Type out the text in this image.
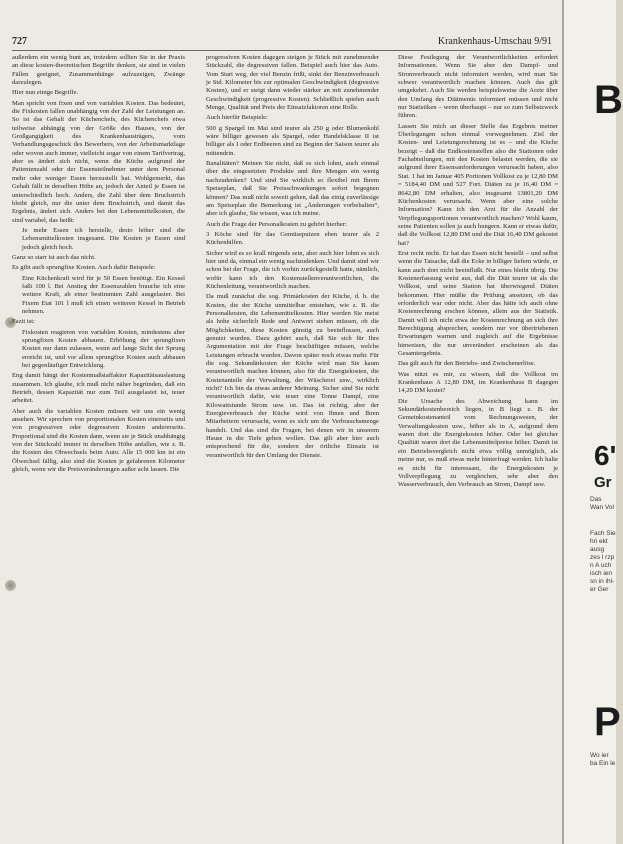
727	Krankenhaus-Umschau 9/91

außerdem ein wenig bunt an, trotzdem sollten Sie in der Praxis an diese kosten-theoretischen Begriffe denken, sie sind in vielen Fällen geeignet, Zusammenhänge aufzuzeigen, Zwänge darzulegen.

Hier nun einige Begriffe.

Man spricht von fixen und von variablen Kosten. Das bedeutet, die Fixkosten fallen unabhängig von der Zahl der Leistungen an. So ist das Gehalt der Küchenchefs, des Küchenchefs etwa teilweise abhängig von der Größe des Hauses, von der Großgangigkeit des Krankenhausträgers, vom Verhandlungsgeschick des Bewerbers, von der Arbeitsmarktlage oder wovon auch immer, vielleicht sogar von einem Tarifvertrag, aber es ändert sich nicht, wenn die Küche aufgrund der Patientenzahl oder der Essensteilnehmer unter dem Personal mehr oder weniger Essen herzustellt hat. Wohlgemerkt, das Gehalt fällt in derselben Höhe an, jedoch der Anteil je Essen ist unterschiedlich hoch. Anders, die Zahl über dem Bruchstrich bleibt gleich, nur die unter dem Bruchstrich, und damit das Ergebnis, ändert sich. Anders bei den Lebensmittelkosten, die sind variabel, das heißt:

Je mehr Essen ich herstelle, desto höher sind die Lebensmittelkosten insgesamt. Die Kosten je Essen sind jedoch gleich hoch.

Ganz so starr ist auch das nicht.

Es gibt auch sprungfixe Kosten. Auch dafür Beispiele:

Eine Küchenkraft wird für je 50 Essen benötigt. Ein Kessel faßt 100 l. Bei Anstieg der Essenszahlen brauche ich eine weitere Kraft, ab einer bestimmten Zahl ausgelaster. Bei Fixem Etat 101 l muß ich einen weiteren Kessel in Betrieb nehmen.

Fazit ist:

Fixkosten reagieren von variablen Kosten, mindestens aber sprungfixen Kosten abbauen. Erhöhung der sprungfixen Kosten nur dann zulassen, wenn auf lange Sicht der Sprung erreicht ist, und vor allem sprungfixe Kosten auch abbauen bei gegenläufiger Entwicklung.

Eng damit hängt der Kostenmaßstaffaktor Kapazitätsauslastung zusammen. Ich glaube, ich muß nicht näher begründen, daß ein Betrieb, dessen Kapazität nur zum Teil ausgelastet ist, teuer arbeitet.

Aber auch die variablen Kosten müssen wir uns ein wenig ansehen. Wir sprechen von proportionalen Kosten einerseits und von progressiven oder degressiven Kosten andererseits. Proportional sind die Kosten dann, wenn sie je Stück unabhängig von der Stückzahl immer in derselben Höhe anfallen, wie z. B. die Kosten des Obwechsels beim Auto. Alle 15 000 km ist ein Ölwechsel fällig, also sind die Kosten je gefahrenen Kilometer gleich, wenn wir die Preisveränderungen außer acht lassen. Die

progressiven Kosten dagegen steigen je Stück mit zunehmender Stückzahl, die degressiven fallen. Beispiel auch hier das Auto. Vom Start weg, der viel Benzin frißt, sinkt der Benzinverbrauch je Std. Kilometer bis zur optimalen Geschwindigkeit (degressive Kosten), und er steigt dann wieder stärker an mit zunehmender Geschwindigkeit (progressive Kosten). Schließlich spielen auch Menge, Qualität und Preis der Einsatzfaktoren eine Rolle.

Auch hierfür Beispiele:

500 g Spargel im Mai sind teurer als 250 g oder Blumenkohl wäre billiger gewesen als Spargel, oder Handelsklasse II ist billiger als I oder Erdbeeren sind zu Beginn der Saison teurer als mittendrin.

Banalitäten? Meinen Sie nicht, daß es sich lohnt, auch einmal über die eingesetzten Produkte und ihre Mengen ein wenig nachzudenken? Und sind Sie wirklich so flexibel mit Ihrem Speiseplan, daß Sie Preisschwankungen sofort begegnen können? Das muß nicht soweit gehen, daß das einig zuverlässige am Speiseplan die Bemerkung ist „Änderungen vorbehalten“, aber ich glaube, Sie wissen, was ich meine.

Auch die Frage der Personalkosten zu gehört hierher:

3 Köche sind für das Gemüseputzen eben teurer als 2 Küchenhilfen.

Sicher wird es so krall nirgends sein, aber auch hier lohnt es sich hier und da, einmal ein wenig nachzudenken. Und damit sind wir schon bei der Frage, die ich vorhin zurückgestellt hatte, nämlich, wofür kann ich den Kostenstellenverantwortlichen, die Küchenleitung, verantwortlich machen.

Da muß zunächst die sog. Primärkosten der Küche, d. h. die Kosten, die der Küche unmittelbar entstehen, wie z. B. die Personalkosten, die Lebensmittelkosten. Hier werden Sie meist als hohe sicherlich Rede und Antwort stehen müssen, ob die Möglichkeiten, diese Kosten günstig zu beeinflussen, auch genutzt wurden. Dazu gehört auch, daß Sie sich für Ihre Argumentation mit der Frage beschäftigen müssen, welche Leistungen erbracht wurden. Davon später noch etwas mehr. Für die sog. Sekundärkosten der Küche wird man Sie kaum verantwortlich machen können, also für die Energiekosten, die Kostenanteile der Verwaltung, der Wäscherei usw., wirklich nicht? Ich bin da etwas anderer Meinung. Sicher sind Sie nicht verantwortlich dafür, wie teuer eine Tonne Dampf, eine Kilowattstunde Strom usw. ist. Das ist richtig, aber der Energieverbrauch der Küche wird von Ihnen und Ihren Mitarbeitern verursacht, wenn es sich um die Verbrauchsmenge handelt. Und das sind die Fragen, bei denen wir in unserem Hause in die Tiefe gehen wollen. Das gilt aber hier auch entsprechend für die, sondern der örtliche Einsatz ist verantwortlich für den Umfang der Dienste.

Diese Festlegung der Verantwortlichkeiten erfordert Informationen. Wenn Sie aber den Dampf- und Stromverbrauch nicht informiert werden, wird man Sie schwer verantwortlich machen können. Auch das gilt umgekehrt. Auch Sie werden beispielsweise die Arzte über den Umfang des Diätmenüs informiert müssen und nicht nur Statistiken – wenn überhaupt – nur so zum Selbstzweck führen.

Lassen Sie mich an dieser Stelle das Ergebnis meiner Überlegungen schon einmal vorwegnehmen. Ziel der Kosten- und Leistungsrechnung ist es – und die Küche bezeigt – daß die Endkostenstellen also die Stationen oder Fachabteilungen, mit den Kosten belastet werden, die sie aufgrund ihrer Essensanforderungen verursacht haben, also Stat. 1 hat im Januar 405 Portionen Vollkost zu je 12,80 DM = 5184,40 DM und 527 Fort. Diäten zu je 16,40 DM = 8642,80 DM erhalten, also insgesamt 13801,20 DM Küchenkosten verursacht. Wenn aber eine solche Information? Kann ich den Arzt für die Anzahl der Verpflegungsportionen verantwortlich machen? Wohl kaum, seine Patienten sollen ja auch hungern. Kann er etwas dafür, daß die Vollkost 12,80 DM und die Diät 16,40 DM gekostet hat?

Erst recht nicht. Er hat das Essen nicht bestellt – und selbst wenn die Tatsache, daß die Ecke in billiger liefern würde, er kann auch dort nicht beeinflußt. Nur eines bleibt übrig. Die Kostenerfassung weist aus, daß die Diät teurer ist als die Vollkost, und seine Station hat überwiegend Diäten bekommen. Hier müßte die Prüfung ansetzen, ob das erforderlich war oder nicht. Aber das hätte ich auch ohne Kostenrechnung erschen können, allein aus der Statistik. Damit will ich nicht etwa der Kostenrechnung an sich ihre Berechtigung absprechen, sondern nur vor übertriebenen Erwartungen warnen und zugleich auf die Ergebnisse hinweisen, die nur unverändert erscheinen als das Gesamtergebnis.

Das gilt auch für den Betriebs- und Zwischenerlöse.

Was nützt es mir, zu wissen, daß die Vollkost im Krankenhaus A 12,80 DM, im Krankenhaus B dagegen 14,20 DM kostet?

Die Ursache des Abweichung kann im Sekundärkostenbereich liegen, in B liegt z. B. der Gemeinkostenanteil vom Rechnungswesen, der Verwaltungskosten usw., höher als in A, aufgrund dem waren dort die Energiekosten höher. Oder bei gleicher Qualität waren dort die Lebensmittelpreise höher. Damit ist ein Betriebsvergleich nicht etwa völlig unmöglich, als meine nur, es muß etwas mehr hinterfragt werden. Ich halte es nicht für interessant, die Energiekosten je Vollverpflegung zu vergleichen, sehr aber den Wasserverbrauch, den Verbrauch an Strom, Dampf usw.

B
6'
Gr
Das Wan Vol
Fach Sie hri ekt ausg zes l rzp n A uch isch ien sn in ihl- er Ger
P
Wo ier ba Ein le
